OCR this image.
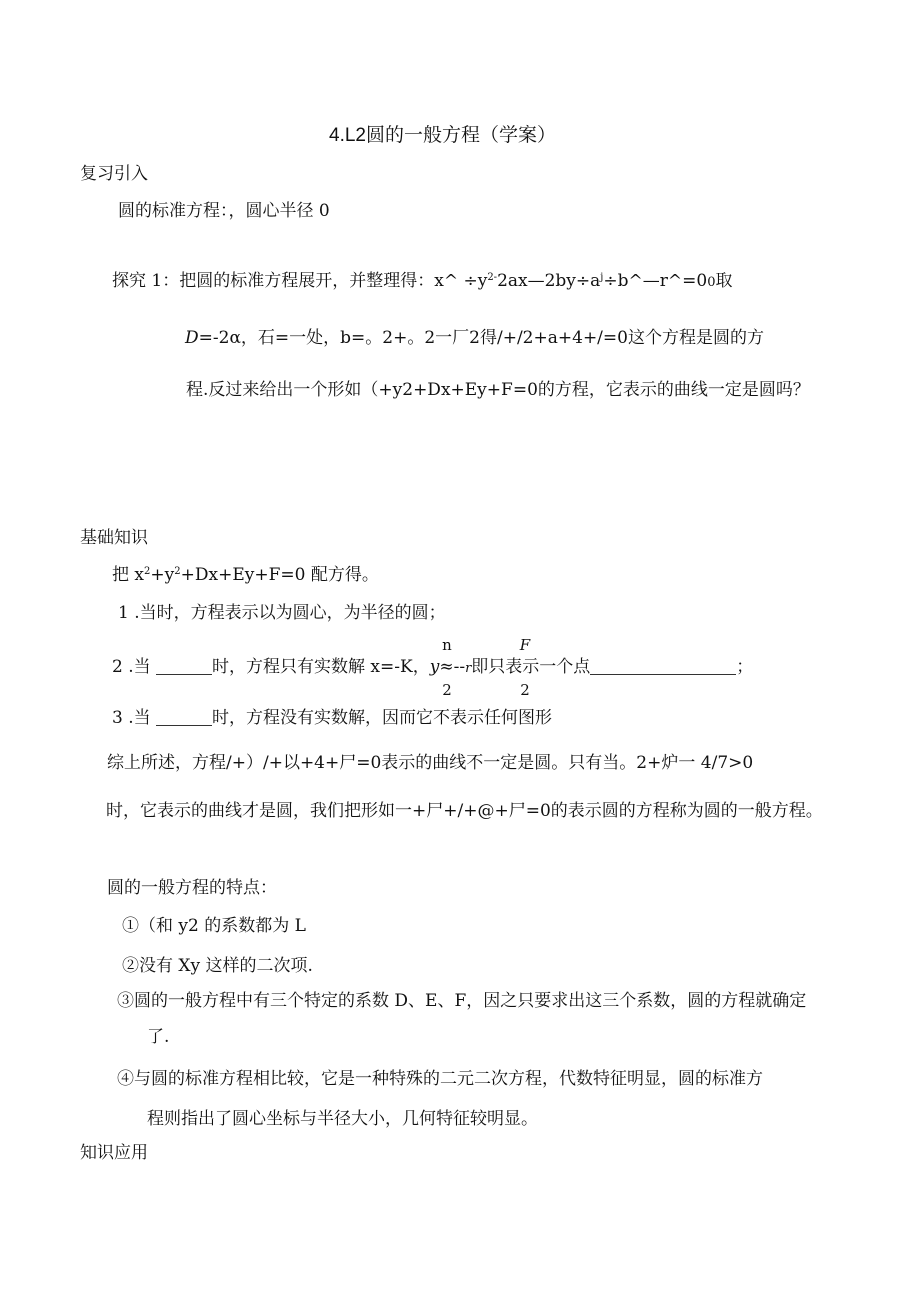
4.L2圆的一般方程（学案）
复习引入
圆的标准方程：，圆心半径 0
探究 1：把圆的标准方程展开，并整理得：x^ $\div y^{2-}2ax—2by\div a^j\div b\^{}—r\^{}=00$取
D=-2α，石=一处，b=。2+。2一厂2得/+/2+a+4+/=0这个方程是圆的方
程.反过来给出一个形如（+y2+Dx+Ey+F=0的方程，它表示的曲线一定是圆吗？
基础知识
把 $x^2+y^2+Dx+Ey+F=0$ 配方得。
1 .当时，方程表示以为圆心，为半径的圆；
n	F
2 .当	时，方程只有实数解 x=-K，y≈--r即只表示一个点	；
2	2
3 .当	时，方程没有实数解，因而它不表示任何图形
综上所述，方程/+）/+以+4+尸=0表示的曲线不一定是圆。只有当。2+炉一 4/7>0
时，它表示的曲线才是圆，我们把形如一+尸+/+@+尸=0的表示圆的方程称为圆的一般方程。
圆的一般方程的特点：
①（和 y2 的系数都为 L
②没有 Xy 这样的二次项.
③圆的一般方程中有三个特定的系数 D、E、F，因之只要求出这三个系数，圆的方程就确定
了.
④与圆的标准方程相比较，它是一种特殊的二元二次方程，代数特征明显，圆的标准方
程则指出了圆心坐标与半径大小，几何特征较明显。
知识应用
